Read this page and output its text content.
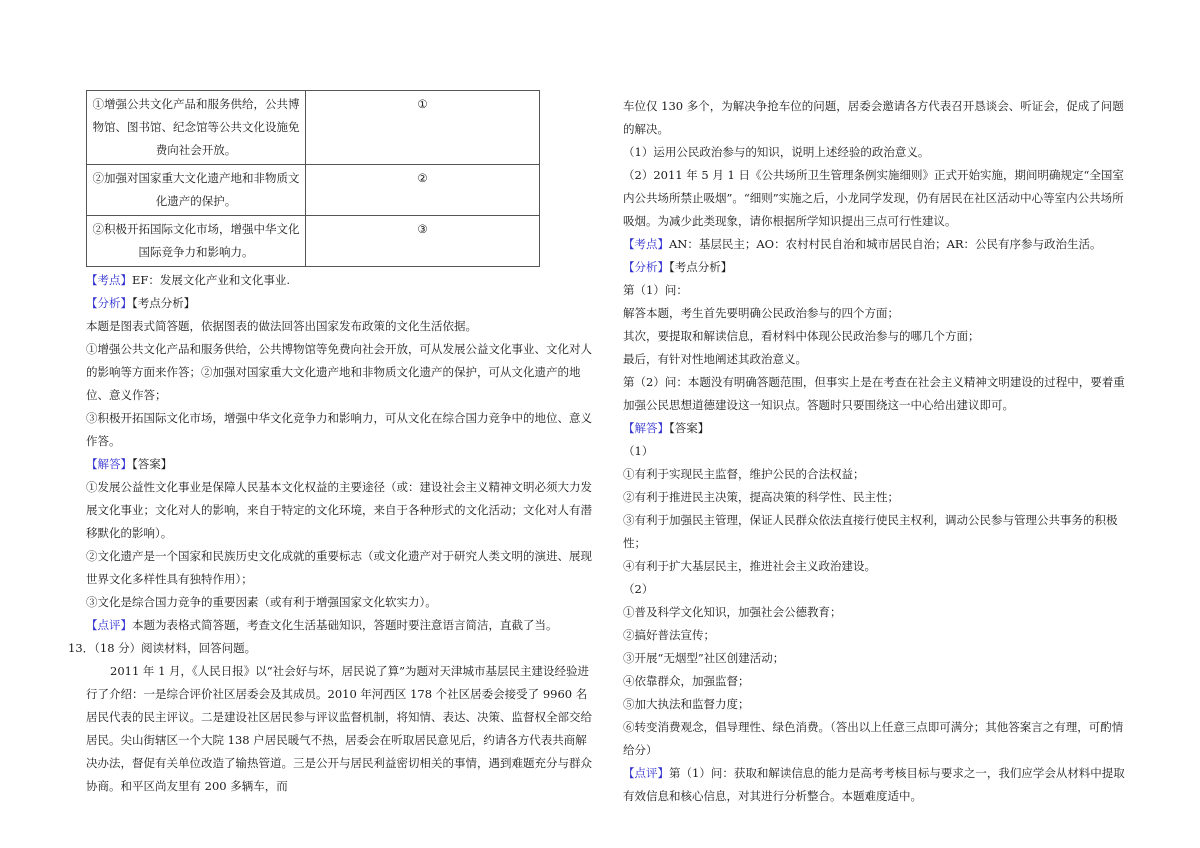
①增强公共文化产品和服务供给，公共博物馆、图书馆、纪念馆等公共文化设施免费向社会开放。	①
②加强对国家重大文化遗产地和非物质文化遗产的保护。	②
②积极开拓国际文化市场，增强中华文化国际竞争力和影响力。	③

【考点】EF：发展文化产业和文化事业.

【分析】【考点分析】

本题是图表式简答题，依据图表的做法回答出国家发布政策的文化生活依据。

①增强公共文化产品和服务供给，公共博物馆等免费向社会开放，可从发展公益文化事业、文化对人的影响等方面来作答；②加强对国家重大文化遗产地和非物质文化遗产的保护，可从文化遗产的地位、意义作答；

③积极开拓国际文化市场，增强中华文化竞争力和影响力，可从文化在综合国力竞争中的地位、意义作答。

【解答】【答案】

①发展公益性文化事业是保障人民基本文化权益的主要途径（或：建设社会主义精神文明必须大力发展文化事业；文化对人的影响，来自于特定的文化环境，来自于各种形式的文化活动；文化对人有潜移默化的影响）。

②文化遗产是一个国家和民族历史文化成就的重要标志（或文化遗产对于研究人类文明的演进、展现世界文化多样性具有独特作用）；

③文化是综合国力竞争的重要因素（或有利于增强国家文化软实力）。

【点评】本题为表格式简答题，考查文化生活基础知识，答题时要注意语言简洁，直截了当。

13．（18 分）阅读材料，回答问题。

2011 年 1 月，《人民日报》以“社会好与坏，居民说了算”为题对天津城市基层民主建设经验进行了介绍：一是综合评价社区居委会及其成员。2010 年河西区 178 个社区居委会接受了 9960 名居民代表的民主评议。二是建设社区居民参与评议监督机制，将知情、表达、决策、监督权全部交给居民。尖山街辖区一个大院 138 户居民暖气不热，居委会在听取居民意见后，约请各方代表共商解决办法，督促有关单位改造了输热管道。三是公开与居民利益密切相关的事情，遇到难题充分与群众协商。和平区尚友里有 200 多辆车，而

车位仅 130 多个，为解决争抢车位的问题，居委会邀请各方代表召开恳谈会、听证会，促成了问题的解决。

（1）运用公民政治参与的知识，说明上述经验的政治意义。

（2）2011 年 5 月 1 日《公共场所卫生管理条例实施细则》正式开始实施，期间明确规定“全国室内公共场所禁止吸烟”。“细则”实施之后，小龙同学发现，仍有居民在社区活动中心等室内公共场所吸烟。为减少此类现象，请你根据所学知识提出三点可行性建议。

【考点】AN：基层民主；AO：农村村民自治和城市居民自治；AR：公民有序参与政治生活。

【分析】【考点分析】

第（1）问：

解答本题，考生首先要明确公民政治参与的四个方面；

其次，要提取和解读信息，看材料中体现公民政治参与的哪几个方面；

最后，有针对性地阐述其政治意义。

第（2）问：本题没有明确答题范围，但事实上是在考查在社会主义精神文明建设的过程中，要着重加强公民思想道德建设这一知识点。答题时只要围绕这一中心给出建议即可。

【解答】【答案】

（1）

①有利于实现民主监督，维护公民的合法权益；

②有利于推进民主决策，提高决策的科学性、民主性；

③有利于加强民主管理，保证人民群众依法直接行使民主权利，调动公民参与管理公共事务的积极性；

④有利于扩大基层民主，推进社会主义政治建设。

（2）

①普及科学文化知识，加强社会公德教育；

②搞好普法宣传；

③开展“无烟型”社区创建活动；

④依靠群众，加强监督；

⑤加大执法和监督力度；

⑥转变消费观念，倡导理性、绿色消费。（答出以上任意三点即可满分；其他答案言之有理，可酌情给分）

【点评】第（1）问：获取和解读信息的能力是高考考核目标与要求之一，我们应学会从材料中提取有效信息和核心信息，对其进行分析整合。本题难度适中。
